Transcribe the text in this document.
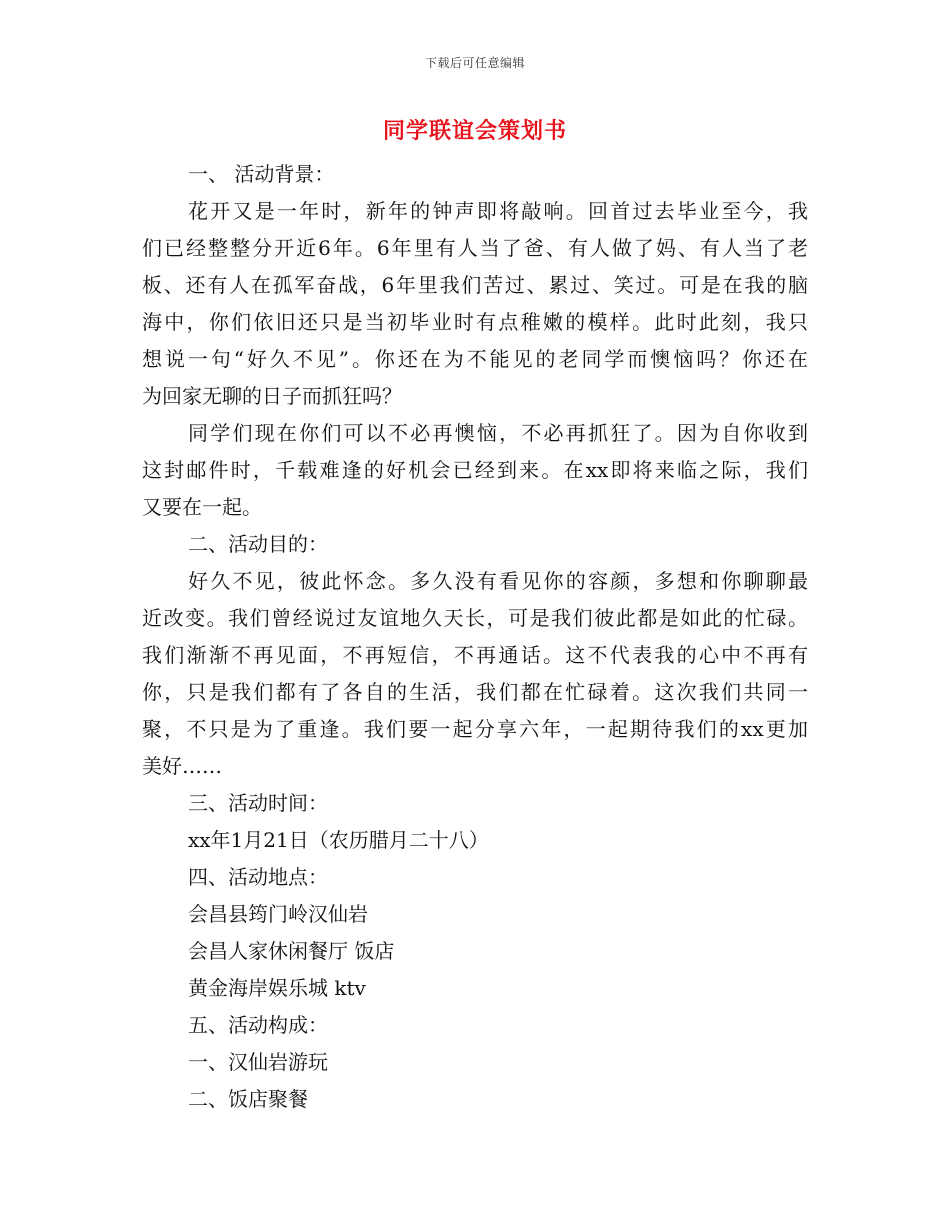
下载后可任意编辑
同学联谊会策划书
一、 活动背景：
花开又是一年时，新年的钟声即将敲响。回首过去毕业至今，我
们已经整整分开近6年。6年里有人当了爸、有人做了妈、有人当了老
板、还有人在孤军奋战，6年里我们苦过、累过、笑过。可是在我的脑
海中，你们依旧还只是当初毕业时有点稚嫩的模样。此时此刻，我只
想说一句“好久不见”。你还在为不能见的老同学而懊恼吗？你还在
为回家无聊的日子而抓狂吗？
同学们现在你们可以不必再懊恼，不必再抓狂了。因为自你收到
这封邮件时，千载难逢的好机会已经到来。在xx即将来临之际，我们
又要在一起。
二、活动目的：
好久不见，彼此怀念。多久没有看见你的容颜，多想和你聊聊最
近改变。我们曾经说过友谊地久天长，可是我们彼此都是如此的忙碌。
我们渐渐不再见面，不再短信，不再通话。这不代表我的心中不再有
你，只是我们都有了各自的生活，我们都在忙碌着。这次我们共同一
聚，不只是为了重逢。我们要一起分享六年，一起期待我们的xx更加
美好……
三、活动时间：
xx年1月21日（农历腊月二十八）
四、活动地点：
会昌县筠门岭汉仙岩
会昌人家休闲餐厅 饭店
黄金海岸娱乐城 ktv
五、活动构成：
一、汉仙岩游玩
二、饭店聚餐
